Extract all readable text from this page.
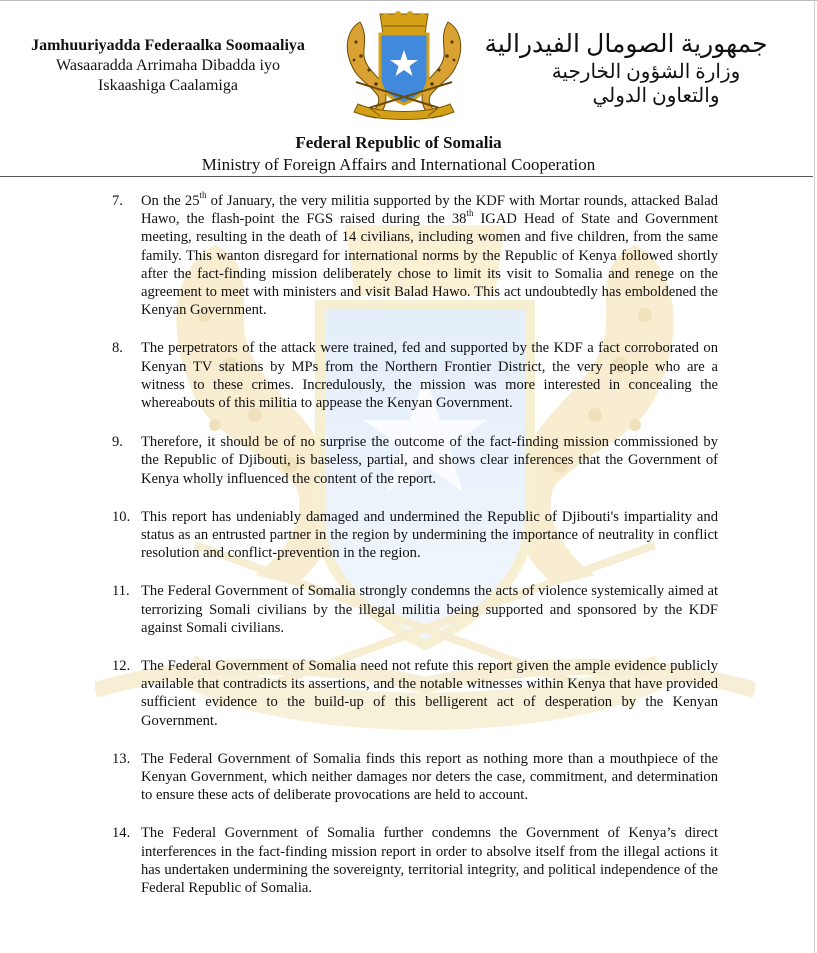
Jamhuuriyadda Federaalka Soomaaliya
Wasaaradda Arrimaha Dibadda iyo
Iskaashiga Caalamiga
جمهورية الصومال الفيدرالية
وزارة الشؤون الخارجية
والتعاون الدولي
Federal Republic of Somalia
Ministry of Foreign Affairs and International Cooperation
7.	On the 25th of January, the very militia supported by the KDF with Mortar rounds, attacked Balad Hawo, the flash-point the FGS raised during the 38th IGAD Head of State and Government meeting, resulting in the death of 14 civilians, including women and five children, from the same family. This wanton disregard for international norms by the Republic of Kenya followed shortly after the fact-finding mission deliberately chose to limit its visit to Somalia and renege on the agreement to meet with ministers and visit Balad Hawo. This act undoubtedly has emboldened the Kenyan Government.
8.	The perpetrators of the attack were trained, fed and supported by the KDF a fact corroborated on Kenyan TV stations by MPs from the Northern Frontier District, the very people who are a witness to these crimes. Incredulously, the mission was more interested in concealing the whereabouts of this militia to appease the Kenyan Government.
9.	Therefore, it should be of no surprise the outcome of the fact-finding mission commissioned by the Republic of Djibouti, is baseless, partial, and shows clear inferences that the Government of Kenya wholly influenced the content of the report.
10. This report has undeniably damaged and undermined the Republic of Djibouti's impartiality and status as an entrusted partner in the region by undermining the importance of neutrality in conflict resolution and conflict-prevention in the region.
11. The Federal Government of Somalia strongly condemns the acts of violence systemically aimed at terrorizing Somali civilians by the illegal militia being supported and sponsored by the KDF against Somali civilians.
12. The Federal Government of Somalia need not refute this report given the ample evidence publicly available that contradicts its assertions, and the notable witnesses within Kenya that have provided sufficient evidence to the build-up of this belligerent act of desperation by the Kenyan Government.
13. The Federal Government of Somalia finds this report as nothing more than a mouthpiece of the Kenyan Government, which neither damages nor deters the case, commitment, and determination to ensure these acts of deliberate provocations are held to account.
14. The Federal Government of Somalia further condemns the Government of Kenya’s direct interferences in the fact-finding mission report in order to absolve itself from the illegal actions it has undertaken undermining the sovereignty, territorial integrity, and political independence of the Federal Republic of Somalia.
